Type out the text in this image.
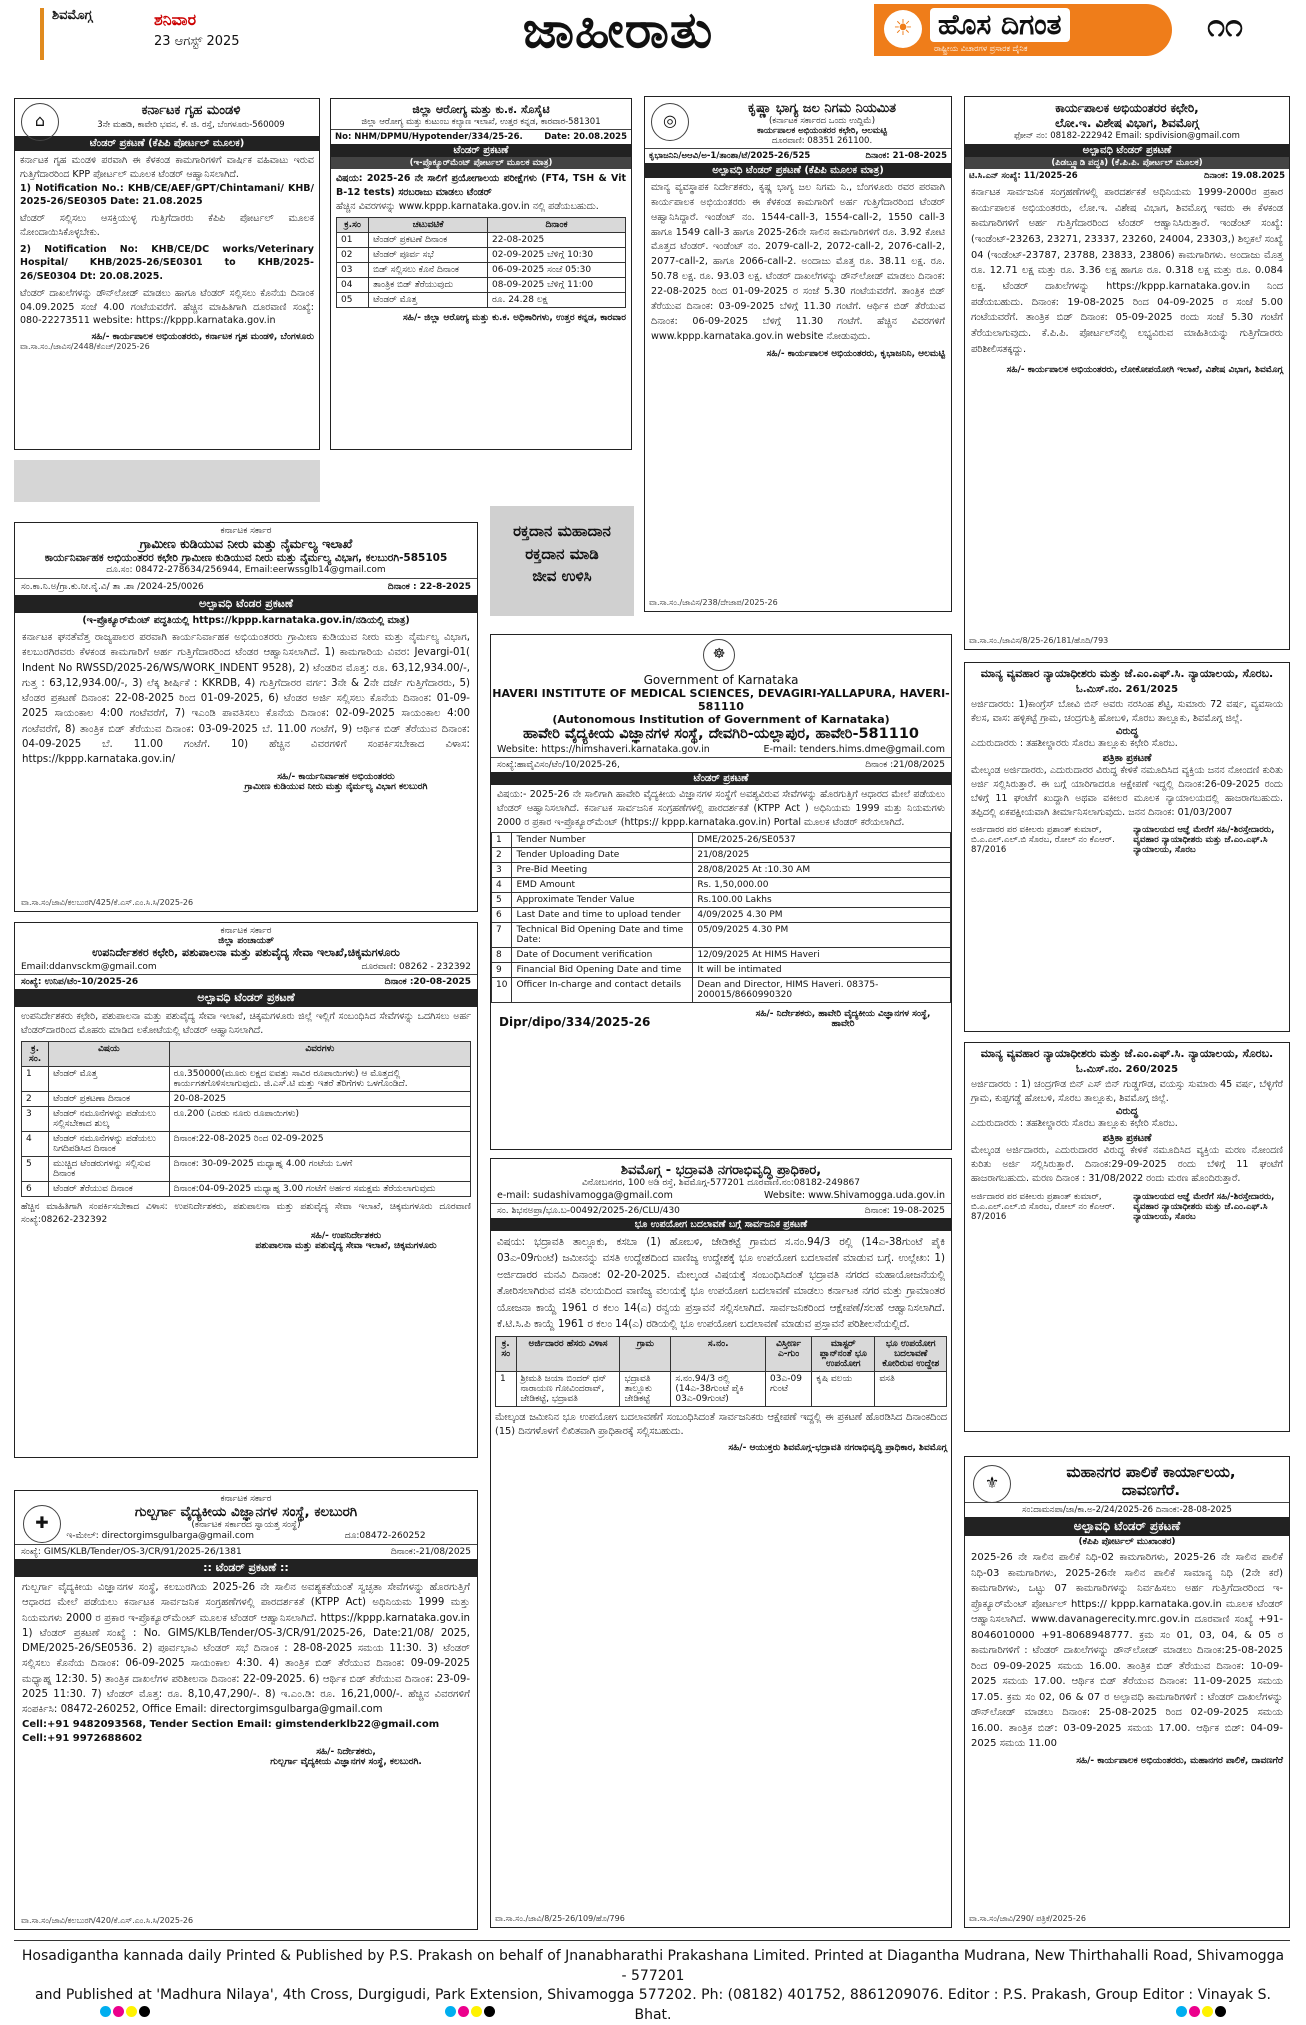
ಶಿವಮೊಗ್ಗ	ಶನಿವಾರ
23 ಆಗಸ್ಟ್ 2025	ಜಾಹೀರಾತು	☀ ಹೊಸ ದಿಗಂತ
ರಾಷ್ಟ್ರೀಯ ವಿಚಾರಗಳ ಪ್ರಸಾರಕ ದೈನಿಕ
೧೧
⌂
ಕರ್ನಾಟಕ ಗೃಹ ಮಂಡಳಿ
3ನೇ ಮಹಡಿ, ಕಾವೇರಿ ಭವನ, ಕೆ. ಜಿ. ರಸ್ತೆ, ಬೆಂಗಳೂರು-560009
ಟೆಂಡರ್ ಪ್ರಕಟಣೆ (ಕೆಪಿಪಿ ಪೋರ್ಟಲ್ ಮೂಲಕ)
ಕರ್ನಾಟಕ ಗೃಹ ಮಂಡಳಿ ಪರವಾಗಿ ಈ ಕೆಳಕಂಡ ಕಾಮಗಾರಿಗಳಿಗೆ ವಾರ್ಷಿಕ ವಹಿವಾಟು ಇರುವ ಗುತ್ತಿಗೆದಾರರಿಂದ KPP ಪೋರ್ಟಲ್ ಮೂಲಕ ಟೆಂಡರ್ ಆಹ್ವಾನಿಸಲಾಗಿದೆ.
1) Notification No.: KHB/CE/AEF/GPT/Chintamani/ KHB/ 2025-26/SE0305 Date: 21.08.2025
ಟೆಂಡರ್ ಸಲ್ಲಿಸಲು ಆಸಕ್ತಿಯುಳ್ಳ ಗುತ್ತಿಗೆದಾರರು ಕೆಪಿಪಿ ಪೋರ್ಟಲ್ ಮೂಲಕ ನೋಂದಾಯಿಸಿಕೊಳ್ಳಬೇಕು.
2) Notification No: KHB/CE/DC works/Veterinary Hospital/ KHB/2025-26/SE0301 to KHB/2025-26/SE0304 Dt: 20.08.2025.
ಟೆಂಡರ್ ದಾಖಲೆಗಳನ್ನು ಡೌನ್‌ಲೋಡ್ ಮಾಡಲು ಹಾಗೂ ಟೆಂಡರ್ ಸಲ್ಲಿಸಲು ಕೊನೆಯ ದಿನಾಂಕ 04.09.2025 ಸಂಜೆ 4.00 ಗಂಟೆಯವರೆಗೆ. ಹೆಚ್ಚಿನ ಮಾಹಿತಿಗಾಗಿ ದೂರವಾಣಿ ಸಂಖ್ಯೆ: 080-22273511 website: https://kppp.karnataka.gov.in
ಸಹಿ/- ಕಾರ್ಯಪಾಲಕ ಅಭಿಯಂತರರು, ಕರ್ನಾಟಕ ಗೃಹ ಮಂಡಳಿ, ಬೆಂಗಳೂರು
ವಾ.ಸಾ.ಸಂ./ಜಾವಿಸ/2448/ಕೆಎಚ್/2025-26
ಜಿಲ್ಲಾ ಆರೋಗ್ಯ ಮತ್ತು ಕು.ಕ. ಸೊಸೈಟಿ
ಜಿಲ್ಲಾ ಆರೋಗ್ಯ ಮತ್ತು ಕುಟುಂಬ ಕಲ್ಯಾಣ ಇಲಾಖೆ, ಉತ್ತರ ಕನ್ನಡ, ಕಾರವಾರ-581301
No: NHM/DPMU/Hypotender/334/25-26.	Date: 20.08.2025
ಟೆಂಡರ್ ಪ್ರಕಟಣೆ
(ಇ-ಪ್ರೊಕ್ಯೂರ್‌ಮೆಂಟ್ ಪೋರ್ಟಲ್ ಮೂಲಕ ಮಾತ್ರ)
ವಿಷಯ: 2025-26 ನೇ ಸಾಲಿಗೆ ಪ್ರಯೋಗಾಲಯ ಪರೀಕ್ಷೆಗಳು (FT4, TSH & Vit B-12 tests) ಸರಬರಾಜು ಮಾಡಲು ಟೆಂಡರ್
ಹೆಚ್ಚಿನ ವಿವರಗಳನ್ನು www.kppp.karnataka.gov.in ನಲ್ಲಿ ಪಡೆಯಬಹುದು.
ಕ್ರ.ಸಂ	ಚಟುವಟಿಕೆ	ದಿನಾಂಕ
01	ಟೆಂಡರ್ ಪ್ರಕಟಣೆ ದಿನಾಂಕ	22-08-2025
02	ಟೆಂಡರ್ ಪೂರ್ವ ಸಭೆ	02-09-2025 ಬೆಳಿಗ್ಗೆ 10:30
03	ಬಿಡ್ ಸಲ್ಲಿಸಲು ಕೊನೆ ದಿನಾಂಕ	06-09-2025 ಸಂಜೆ 05:30
04	ತಾಂತ್ರಿಕ ಬಿಡ್ ತೆರೆಯುವುದು	08-09-2025 ಬೆಳಿಗ್ಗೆ 11:00
05	ಟೆಂಡರ್ ಮೊತ್ತ	ರೂ. 24.28 ಲಕ್ಷ
ಸಹಿ/- ಜಿಲ್ಲಾ ಆರೋಗ್ಯ ಮತ್ತು ಕು.ಕ. ಅಧಿಕಾರಿಗಳು, ಉತ್ತರ ಕನ್ನಡ, ಕಾರವಾರ
◎
ಕೃಷ್ಣಾ ಭಾಗ್ಯ ಜಲ ನಿಗಮ ನಿಯಮಿತ
(ಕರ್ನಾಟಕ ಸರ್ಕಾರದ ಒಂದು ಉದ್ದಿಮೆ)
ಕಾರ್ಯಪಾಲಕ ಅಭಿಯಂತರರ ಕಛೇರಿ, ಆಲಮಟ್ಟಿ
ದೂರವಾಣಿ: 08351 261100.
ಕೃಭಾಜನಿನಿ/ಅಆವಿ/ಅ-1/ತಾಂಶಾ/ಟೆ/2025-26/525	ದಿನಾಂಕ: 21-08-2025
ಅಲ್ಪಾವಧಿ ಟೆಂಡರ್ ಪ್ರಕಟಣೆ (ಕೆಪಿಪಿ ಮೂಲಕ ಮಾತ್ರ)
ಮಾನ್ಯ ವ್ಯವಸ್ಥಾಪಕ ನಿರ್ದೇಶಕರು, ಕೃಷ್ಣ ಭಾಗ್ಯ ಜಲ ನಿಗಮ ನಿ., ಬೆಂಗಳೂರು ರವರ ಪರವಾಗಿ ಕಾರ್ಯಪಾಲಕ ಅಭಿಯಂತರರು ಈ ಕೆಳಕಂಡ ಕಾಮಗಾರಿಗೆ ಅರ್ಹ ಗುತ್ತಿಗೆದಾರರಿಂದ ಟೆಂಡರ್ ಆಹ್ವಾನಿಸಿದ್ದಾರೆ. ಇಂಡೆಂಟ್ ನಂ. 1544-call-3, 1554-call-2, 1550 call-3 ಹಾಗೂ 1549 call-3 ಹಾಗೂ 2025-26ನೇ ಸಾಲಿನ ಕಾಮಗಾರಿಗಳಿಗೆ ರೂ. 3.92 ಕೋಟಿ ಮೊತ್ತದ ಟೆಂಡರ್. ಇಂಡೆಂಟ್ ನಂ. 2079-call-2, 2072-call-2, 2076-call-2, 2077-call-2, ಹಾಗೂ 2066-call-2. ಅಂದಾಜು ಮೊತ್ತ ರೂ. 38.11 ಲಕ್ಷ. ರೂ. 50.78 ಲಕ್ಷ. ರೂ. 93.03 ಲಕ್ಷ. ಟೆಂಡರ್ ದಾಖಲೆಗಳನ್ನು ಡೌನ್‌ಲೋಡ್ ಮಾಡಲು ದಿನಾಂಕ: 22-08-2025 ರಿಂದ 01-09-2025 ರ ಸಂಜೆ 5.30 ಗಂಟೆಯವರೆಗೆ. ತಾಂತ್ರಿಕ ಬಿಡ್ ತೆರೆಯುವ ದಿನಾಂಕ: 03-09-2025 ಬೆಳಿಗ್ಗೆ 11.30 ಗಂಟೆಗೆ. ಆರ್ಥಿಕ ಬಿಡ್ ತೆರೆಯುವ ದಿನಾಂಕ: 06-09-2025 ಬೆಳಿಗ್ಗೆ 11.30 ಗಂಟೆಗೆ. ಹೆಚ್ಚಿನ ವಿವರಗಳಿಗೆ www.kppp.karnataka.gov.in website ನೋಡುವುದು.
ಸಹಿ/- ಕಾರ್ಯಪಾಲಕ ಅಭಿಯಂತರರು, ಕೃಭಾಜನಿನಿ, ಆಲಮಟ್ಟಿ
ವಾ.ಸಾ.ಸಂ./ಜಾವಿಸ/238/ದೇಜಾಪ/2025-26
ಕಾರ್ಯಪಾಲಕ ಅಭಿಯಂತರರ ಕಛೇರಿ,
ಲೋ.ಇ. ವಿಶೇಷ ವಿಭಾಗ, ಶಿವಮೊಗ್ಗ
ಫೋನ್ ನಂ: 08182-222942 Email: spdivision@gmail.com
ಅಲ್ಪಾವಧಿ ಟೆಂಡರ್ ಪ್ರಕಟಣೆ
(ಪಿಡಬ್ಲ್ಯೂಡಿ ಪದ್ಧತಿ) (ಕೆ.ಪಿ.ಪಿ. ಪೋರ್ಟಲ್ ಮೂಲಕ)
ಟಿ.ಸಿ.ಎನ್ ಸಂಖ್ಯೆ: 11/2025-26	ದಿನಾಂಕ: 19.08.2025
ಕರ್ನಾಟಕ ಸಾರ್ವಜನಿಕ ಸಂಗ್ರಹಣೆಗಳಲ್ಲಿ ಪಾರದರ್ಶಕತೆ ಅಧಿನಿಯಮ 1999-2000ರ ಪ್ರಕಾರ ಕಾರ್ಯಪಾಲಕ ಅಭಿಯಂತರರು, ಲೋ.ಇ. ವಿಶೇಷ ವಿಭಾಗ, ಶಿವಮೊಗ್ಗ ಇವರು ಈ ಕೆಳಕಂಡ ಕಾಮಗಾರಿಗಳಿಗೆ ಅರ್ಹ ಗುತ್ತಿಗೆದಾರರಿಂದ ಟೆಂಡರ್ ಆಹ್ವಾನಿಸಿರುತ್ತಾರೆ. ಇಂಡೆಂಟ್ ಸಂಖ್ಯೆ: (ಇಂಡೆಂಟ್-23263, 23271, 23337, 23260, 24004, 23303,) ಶಿಲ್ಪಕಲೆ ಸಂಖ್ಯೆ 04 (ಇಂಡೆಂಟ್-23787, 23788, 23833, 23806) ಕಾಮಗಾರಿಗಳು. ಅಂದಾಜು ಮೊತ್ತ ರೂ. 12.71 ಲಕ್ಷ ಮತ್ತು ರೂ. 3.36 ಲಕ್ಷ ಹಾಗೂ ರೂ. 0.318 ಲಕ್ಷ ಮತ್ತು ರೂ. 0.084 ಲಕ್ಷ. ಟೆಂಡರ್ ದಾಖಲೆಗಳನ್ನು https://kppp.karnataka.gov.in ನಿಂದ ಪಡೆಯಬಹುದು. ದಿನಾಂಕ: 19-08-2025 ರಿಂದ 04-09-2025 ರ ಸಂಜೆ 5.00 ಗಂಟೆಯವರೆಗೆ. ತಾಂತ್ರಿಕ ಬಿಡ್ ದಿನಾಂಕ: 05-09-2025 ರಂದು ಸಂಜೆ 5.30 ಗಂಟೆಗೆ ತೆರೆಯಲಾಗುವುದು. ಕೆ.ಪಿ.ಪಿ. ಪೋರ್ಟಲ್‌ನಲ್ಲಿ ಲಭ್ಯವಿರುವ ಮಾಹಿತಿಯನ್ನು ಗುತ್ತಿಗೆದಾರರು ಪರಿಶೀಲಿಸತಕ್ಕದ್ದು.
ಸಹಿ/- ಕಾರ್ಯಪಾಲಕ ಅಭಿಯಂತರರು, ಲೋಕೋಪಯೋಗಿ ಇಲಾಖೆ, ವಿಶೇಷ ವಿಭಾಗ, ಶಿವಮೊಗ್ಗ
ವಾ.ಸಾ.ಸಂ./ಜಾವಿಸ/8/25-26/181/ಹೊದಿ/793
ರಕ್ತದಾನ ಮಹಾದಾನ
ರಕ್ತದಾನ ಮಾಡಿ
ಜೀವ ಉಳಿಸಿ
ಕರ್ನಾಟಕ ಸರ್ಕಾರ
ಗ್ರಾಮೀಣ ಕುಡಿಯುವ ನೀರು ಮತ್ತು ನೈರ್ಮಲ್ಯ ಇಲಾಖೆ
ಕಾರ್ಯನಿರ್ವಾಹಕ ಅಭಿಯಂತರರ ಕಛೇರಿ ಗ್ರಾಮೀಣ ಕುಡಿಯುವ ನೀರು ಮತ್ತು ನೈರ್ಮಲ್ಯ ವಿಭಾಗ, ಕಲಬುರಗಿ-585105
ದೂ.ಸಂ: 08472-278634/256944, Email:eerwssglb14@gmail.com
ಸಂ.ಕಾ.ನಿ.ಅ/ಗ್ರಾ.ಕು.ನೀ.ನೈ.ವಿ/ ತಾ .ಶಾ /2024-25/0026	ದಿನಾಂಕ : 22-8-2025
ಅಲ್ಪಾವಧಿ ಟೆಂಡರ ಪ್ರಕಟಣೆ
(ಇ-ಪ್ರೊಕ್ಯೂರ್‌ಮೆಂಟ್ ಪದ್ಧತಿಯಲ್ಲಿ https://kppp.karnataka.gov.in/ನಡಿಯಲ್ಲಿ ಮಾತ್ರ)
ಕರ್ನಾಟಕ ಘನತೆವೆತ್ತ ರಾಜ್ಯಪಾಲರ ಪರವಾಗಿ ಕಾರ್ಯನಿರ್ವಾಹಕ ಅಭಿಯಂತರರು ಗ್ರಾಮೀಣ ಕುಡಿಯುವ ನೀರು ಮತ್ತು ನೈರ್ಮಲ್ಯ ವಿಭಾಗ, ಕಲಬುರಗಿರವರು ಕೆಳಕಂಡ ಕಾಮಗಾರಿಗೆ ಅರ್ಹ ಗುತ್ತಿಗೆದಾರರಿಂದ ಟೆಂಡರ ಆಹ್ವಾನಿಸಲಾಗಿದೆ. 1) ಕಾಮಗಾರಿಯ ವಿವರ: Jevargi-01( Indent No RWSSD/2025-26/WS/WORK_INDENT 9528), 2) ಟೆಂಡರಿನ ಮೊತ್ತ: ರೂ. 63,12,934.00/-, ಗುತ್ತ : 63,12,934.00/-, 3) ಲೆಕ್ಕ ಶೀರ್ಷಿಕೆ : KKRDB, 4) ಗುತ್ತಿಗೆದಾರರ ವರ್ಗ: 3ನೇ & 2ನೇ ದರ್ಜೆ ಗುತ್ತಿಗೆದಾರರು, 5) ಟೆಂಡರ ಪ್ರಕಟಣೆ ದಿನಾಂಕ: 22-08-2025 ರಿಂದ 01-09-2025, 6) ಟೆಂಡರ ಅರ್ಜಿ ಸಲ್ಲಿಸಲು ಕೊನೆಯ ದಿನಾಂಕ: 01-09-2025 ಸಾಯಂಕಾಲ 4:00 ಗಂಟೆವರೆಗೆ, 7) ಇಎಂಡಿ ಪಾವತಿಸಲು ಕೊನೆಯ ದಿನಾಂಕ: 02-09-2025 ಸಾಯಂಕಾಲ 4:00 ಗಂಟೆವರೆಗೆ, 8) ತಾಂತ್ರಿಕ ಬಿಡ್ ತೆರೆಯುವ ದಿನಾಂಕ: 03-09-2025 ಬೆ. 11.00 ಗಂಟೆಗೆ, 9) ಆರ್ಥಿಕ ಬಿಡ್ ತೆರೆಯುವ ದಿನಾಂಕ: 04-09-2025 ಬೆ. 11.00 ಗಂಟೆಗೆ. 10) ಹೆಚ್ಚಿನ ವಿವರಗಳಿಗೆ ಸಂಪರ್ಕಿಸಬೇಕಾದ ವಿಳಾಸ: https://kppp.karnataka.gov.in/
ಸಹಿ/- ಕಾರ್ಯನಿರ್ವಾಹಕ ಅಭಿಯಂತರರು
ಗ್ರಾಮೀಣ ಕುಡಿಯುವ ನೀರು ಮತ್ತು ನೈರ್ಮಲ್ಯ ವಿಭಾಗ ಕಲಬುರಗಿ
ವಾ.ಸಾ.ಸಂ/ಜಾವಿ/ಕಲಬುರಗಿ/425/ಕೆ.ಎಸ್.ಎಂ.ಸಿ.ಸಿ/2025-26
☸
Government of Karnataka
HAVERI INSTITUTE OF MEDICAL SCIENCES, DEVAGIRI-YALLAPURA, HAVERI-581110
(Autonomous Institution of Government of Karnataka)
ಹಾವೇರಿ ವೈದ್ಯಕೀಯ ವಿಜ್ಞಾನಗಳ ಸಂಸ್ಥೆ, ದೇವಗಿರಿ-ಯಲ್ಲಾಪುರ, ಹಾವೇರಿ-581110
Website: https://himshaveri.karnataka.gov.in	E-mail: tenders.hims.dme@gmail.com
ಸಂಖ್ಯೆ:ಹಾವೈವಿಸಂ/ಟೆಂ/10/2025-26,	ದಿನಾಂಕ :21/08/2025
ಟೆಂಡರ್ ಪ್ರಕಟಣೆ
ವಿಷಯ:- 2025-26 ನೇ ಸಾಲಿಗಾಗಿ ಹಾವೇರಿ ವೈದ್ಯಕೀಯ ವಿಜ್ಞಾನಗಳ ಸಂಸ್ಥೆಗೆ ಅವಶ್ಯವಿರುವ ಸೇವೆಗಳನ್ನು ಹೊರಗುತ್ತಿಗೆ ಆಧಾರದ ಮೇಲೆ ಪಡೆಯಲು ಟೆಂಡರ್ ಆಹ್ವಾನಿಸಲಾಗಿದೆ. ಕರ್ನಾಟಕ ಸಾರ್ವಜನಿಕ ಸಂಗ್ರಹಣೆಗಳಲ್ಲಿ ಪಾರದರ್ಶಕತೆ (KTPP Act ) ಅಧಿನಿಯಮ 1999 ಮತ್ತು ನಿಯಮಗಳು 2000 ರ ಪ್ರಕಾರ ಇ-ಪ್ರೊಕ್ಯೂರ್‌ಮೆಂಟ್ (https:// kppp.karnataka.gov.in) Portal ಮೂಲಕ ಟೆಂಡರ್ ಕರೆಯಲಾಗಿದೆ.
1	Tender Number	DME/2025-26/SE0537
2	Tender Uploading Date	21/08/2025
3	Pre-Bid Meeting	28/08/2025 At :10.30 AM
4	EMD Amount	Rs. 1,50,000.00
5	Approximate Tender Value	Rs.100.00 Lakhs
6	Last Date and time to upload tender	4/09/2025 4.30 PM
7	Technical Bid Opening Date and time Date:	05/09/2025 4.30 PM
8	Date of Document verification	12/09/2025 At HIMS Haveri
9	Financial Bid Opening Date and time	It will be intimated
10	Officer In-charge and contact details	Dean and Director, HIMS Haveri. 08375- 200015/8660990320
Dipr/dipo/334/2025-26
ಸಹಿ/- ನಿರ್ದೇಶಕರು, ಹಾವೇರಿ ವೈದ್ಯಕೀಯ ವಿಜ್ಞಾನಗಳ ಸಂಸ್ಥೆ, ಹಾವೇರಿ
ಮಾನ್ಯ ವ್ಯವಹಾರ ನ್ಯಾಯಾಧೀಶರು ಮತ್ತು ಜೆ.ಎಂ.ಎಫ್.ಸಿ. ನ್ಯಾಯಾಲಯ, ಸೊರಬ.
ಓ.ಮಿಸ್.ನಂ. 261/2025
ಅರ್ಜಿದಾರರು: 1)ಕಾಂಗ್ರೆಸ್ ಬೋವಿ ಬಿನ್ ಅವರು ನರಸಿಂಹ ಶೆಟ್ಟಿ, ಸುಮಾರು 72 ವರ್ಷ, ವ್ಯವಸಾಯ ಕೆಲಸ, ವಾಸ: ಹಳ್ಳಿಕಟ್ಟೆ ಗ್ರಾಮ, ಚಂದ್ರಗುತ್ತಿ ಹೋಬಳಿ, ಸೊರಬ ತಾಲ್ಲೂಕು, ಶಿವಮೊಗ್ಗ ಜಿಲ್ಲೆ.
ವಿರುದ್ಧ
ಎದುರುದಾರರು : ತಹಶೀಲ್ದಾರರು ಸೊರಬ ತಾಲ್ಲೂಕು ಕಛೇರಿ ಸೊರಬ.
ಪತ್ರಿಕಾ ಪ್ರಕಟಣೆ
ಮೇಲ್ಕಂಡ ಅರ್ಜಿದಾರರು, ಎದುರುದಾರರ ವಿರುದ್ಧ ಕೇಳಿಕೆ ನಮೂದಿಸಿದ ವ್ಯಕ್ತಿಯ ಜನನ ನೋಂದಣಿ ಕುರಿತು ಅರ್ಜಿ ಸಲ್ಲಿಸಿರುತ್ತಾರೆ. ಈ ಬಗ್ಗೆ ಯಾರಿಗಾದರೂ ಆಕ್ಷೇಪಣೆ ಇದ್ದಲ್ಲಿ ದಿನಾಂಕ:26-09-2025 ರಂದು ಬೆಳಿಗ್ಗೆ 11 ಘಂಟೆಗೆ ಖುದ್ದಾಗಿ ಅಥವಾ ವಕೀಲರ ಮೂಲಕ ನ್ಯಾಯಾಲಯದಲ್ಲಿ ಹಾಜರಾಗಬಹುದು. ತಪ್ಪಿದಲ್ಲಿ ಏಕಪಕ್ಷೀಯವಾಗಿ ತೀರ್ಮಾನಿಸಲಾಗುವುದು. ಜನನ ದಿನಾಂಕ: 01/03/2007
ಅರ್ಜಿದಾರರ ಪರ ವಕೀಲರು ಪ್ರಶಾಂತ್ ಕುಮಾರ್, ಬಿ.ಎ.ಎಲ್.ಎಲ್.ಬಿ ಸೊರಬ, ರೋಲ್ ನಂ ಕೆಎಆರ್. 87/2016
ನ್ಯಾಯಾಲಯದ ಆಜ್ಞೆ ಮೇರೆಗೆ ಸಹಿ/-ಶಿರಸ್ತೇದಾರರು, ವ್ಯವಹಾರ ನ್ಯಾಯಾಧೀಶರು ಮತ್ತು ಜೆ.ಎಂ.ಎಫ್.ಸಿ ನ್ಯಾಯಾಲಯ, ಸೊರಬ
ಮಾನ್ಯ ವ್ಯವಹಾರ ನ್ಯಾಯಾಧೀಶರು ಮತ್ತು ಜೆ.ಎಂ.ಎಫ್.ಸಿ. ನ್ಯಾಯಾಲಯ, ಸೊರಬ.
ಓ.ಮಿಸ್.ನಂ. 260/2025
ಅರ್ಜಿದಾರರು : 1) ಚಂದ್ರಗೌಡ ಬಿನ್ ಎಸ್ ಬಿನ್ ಗುಡ್ಡಗೌಡ, ವಯಸ್ಸು ಸುಮಾರು 45 ವರ್ಷ, ಬೆಳ್ಳಿಗೆರೆ ಗ್ರಾಮ, ಕುಪ್ಪಗಡ್ಡೆ ಹೋಬಳಿ, ಸೊರಬ ತಾಲ್ಲೂಕು, ಶಿವಮೊಗ್ಗ ಜಿಲ್ಲೆ.
ವಿರುದ್ಧ
ಎದುರುದಾರರು : ತಹಶೀಲ್ದಾರರು ಸೊರಬ ತಾಲ್ಲೂಕು ಕಛೇರಿ ಸೊರಬ.
ಪತ್ರಿಕಾ ಪ್ರಕಟಣೆ
ಮೇಲ್ಕಂಡ ಅರ್ಜಿದಾರರು, ಎದುರುದಾರರ ವಿರುದ್ಧ ಕೇಳಿಕೆ ನಮೂದಿಸಿದ ವ್ಯಕ್ತಿಯ ಮರಣ ನೋಂದಣಿ ಕುರಿತು ಅರ್ಜಿ ಸಲ್ಲಿಸಿರುತ್ತಾರೆ. ದಿನಾಂಕ:29-09-2025 ರಂದು ಬೆಳಿಗ್ಗೆ 11 ಘಂಟೆಗೆ ಹಾಜರಾಗಬಹುದು. ಮರಣ ದಿನಾಂಕ : 31/08/2022 ರಂದು ಮರಣ ಹೊಂದಿರುತ್ತಾರೆ.
ಅರ್ಜಿದಾರರ ಪರ ವಕೀಲರು ಪ್ರಶಾಂತ್ ಕುಮಾರ್, ಬಿ.ಎ.ಎಲ್.ಎಲ್.ಬಿ ಸೊರಬ, ರೋಲ್ ನಂ ಕೆಎಆರ್. 87/2016
ನ್ಯಾಯಾಲಯದ ಆಜ್ಞೆ ಮೇರೆಗೆ ಸಹಿ/-ಶಿರಸ್ತೇದಾರರು, ವ್ಯವಹಾರ ನ್ಯಾಯಾಧೀಶರು ಮತ್ತು ಜೆ.ಎಂ.ಎಫ್.ಸಿ ನ್ಯಾಯಾಲಯ, ಸೊರಬ
ಕರ್ನಾಟಕ ಸರ್ಕಾರ
ಜಿಲ್ಲಾ ಪಂಚಾಯತ್
ಉಪನಿರ್ದೇಶಕರ ಕಛೇರಿ, ಪಶುಪಾಲನಾ ಮತ್ತು ಪಶುವೈದ್ಯ ಸೇವಾ ಇಲಾಖೆ,ಚಿಕ್ಕಮಗಳೂರು
Email:ddanvsckm@gmail.com	ದೂರವಾಣಿ: 08262 - 232392
ಸಂಖ್ಯೆ: ಉನಿಪ/ಟೆಂ-10/2025-26	ದಿನಾಂಕ :20-08-2025
ಅಲ್ಪಾವಧಿ ಟೆಂಡರ್ ಪ್ರಕಟಣೆ
ಉಪನಿರ್ದೇಶಕರು ಕಛೇರಿ, ಪಶುಪಾಲನಾ ಮತ್ತು ಪಶುವೈದ್ಯ ಸೇವಾ ಇಲಾಖೆ, ಚಿಕ್ಕಮಗಳೂರು ಜಿಲ್ಲೆ ಇಲ್ಲಿಗೆ ಸಂಬಂಧಿಸಿದ ಸೇವೆಗಳನ್ನು ಒದಗಿಸಲು ಅರ್ಹ ಟೆಂಡರ್‌ದಾರರಿಂದ ಮೊಹರು ಮಾಡಿದ ಲಕೋಟೆಯಲ್ಲಿ ಟೆಂಡರ್ ಆಹ್ವಾನಿಸಲಾಗಿದೆ.
ಕ್ರ. ಸಂ.	ವಿಷಯ	ವಿವರಗಳು
1	ಟೆಂಡರ್ ಮೊತ್ತ	ರೂ.350000(ಮೂರು ಲಕ್ಷದ ಐವತ್ತು ಸಾವಿರ ರೂಪಾಯಿಗಳು) ಆ ಮೊತ್ತದಲ್ಲಿ ಕಾರ್ಯಗತಗೊಳಿಸಲಾಗುವುದು. ಜಿ.ಎಸ್.ಟಿ ಮತ್ತು ಇತರೆ ತೆರಿಗೆಗಳು ಒಳಗೊಂಡಿದೆ.
2	ಟೆಂಡರ್ ಪ್ರಕಟಣಾ ದಿನಾಂಕ	20-08-2025
3	ಟೆಂಡರ್ ನಮೂನೆಗಳನ್ನು ಪಡೆಯಲು ಸಲ್ಲಿಸಬೇಕಾದ ಶುಲ್ಕ	ರೂ.200 (ಎರಡು ನೂರು ರೂಪಾಯಿಗಳು)
4	ಟೆಂಡರ್ ನಮೂನೆಗಳನ್ನು ಪಡೆಯಲು ನಿಗದಿಪಡಿಸಿದ ದಿನಾಂಕ	ದಿನಾಂಕ:22-08-2025 ರಿಂದ 02-09-2025
5	ಮುಚ್ಚಿದ ಟೆಂಡರುಗಳನ್ನು ಸಲ್ಲಿಸುವ ದಿನಾಂಕ	ದಿನಾಂಕ: 30-09-2025 ಮಧ್ಯಾಹ್ನ 4.00 ಗಂಟೆಯ ಒಳಗೆ
6	ಟೆಂಡರ್ ತೆರೆಯುವ ದಿನಾಂಕ	ದಿನಾಂಕ:04-09-2025 ಮಧ್ಯಾಹ್ನ 3.00 ಗಂಟೆಗೆ ಅರ್ಹರ ಸಮಕ್ಷಮ ತೆರೆಯಲಾಗುವುದು
ಹೆಚ್ಚಿನ ಮಾಹಿತಿಗಾಗಿ ಸಂಪರ್ಕಿಸಬೇಕಾದ ವಿಳಾಸ: ಉಪನಿರ್ದೇಶಕರು, ಪಶುಪಾಲನಾ ಮತ್ತು ಪಶುವೈದ್ಯ ಸೇವಾ ಇಲಾಖೆ, ಚಿಕ್ಕಮಗಳೂರು ದೂರವಾಣಿ ಸಂಖ್ಯೆ:08262-232392
ಸಹಿ/- ಉಪನಿರ್ದೇಶಕರು
ಪಶುಪಾಲನಾ ಮತ್ತು ಪಶುವೈದ್ಯ ಸೇವಾ ಇಲಾಖೆ, ಚಿಕ್ಕಮಗಳೂರು
ಶಿವಮೊಗ್ಗ - ಭದ್ರಾವತಿ ನಗರಾಭಿವೃದ್ಧಿ ಪ್ರಾಧಿಕಾರ,
ವಿನೋಬನಗರ, 100 ಅಡಿ ರಸ್ತೆ, ಶಿವಮೊಗ್ಗ-577201 ದೂರವಾಣಿ.ನಂ:08182-249867
e-mail: sudashivamogga@gmail.com	Website: www.Shivamogga.uda.gov.in
ಸಂ. ಶಿಭನಅಪ್ರಾ/ಭೂ.ಬ-00492/2025-26/CLU/430	ದಿನಾಂಕ: 19-08-2025
ಭೂ ಉಪಯೋಗ ಬದಲಾವಣೆ ಬಗ್ಗೆ ಸಾರ್ವಜನಿಕ ಪ್ರಕಟಣೆ
ವಿಷಯ: ಭದ್ರಾವತಿ ತಾಲ್ಲೂಕು, ಕಸಬಾ (1) ಹೋಬಳಿ, ಜೇಡಿಕಟ್ಟೆ ಗ್ರಾಮದ ಸ.ನಂ.94/3 ರಲ್ಲಿ (14ಎ-38ಗುಂಟೆ ಪೈಕಿ 03ಎ-09ಗುಂಟೆ) ಜಮೀನನ್ನು ವಸತಿ ಉದ್ದೇಶದಿಂದ ವಾಣಿಜ್ಯ ಉದ್ದೇಶಕ್ಕೆ ಭೂ ಉಪಯೋಗ ಬದಲಾವಣೆ ಮಾಡುವ ಬಗ್ಗೆ. ಉಲ್ಲೇಖ: 1) ಅರ್ಜಿದಾರರ ಮನವಿ ದಿನಾಂಕ: 02-20-2025. ಮೇಲ್ಕಂಡ ವಿಷಯಕ್ಕೆ ಸಂಬಂಧಿಸಿದಂತೆ ಭದ್ರಾವತಿ ನಗರದ ಮಹಾಯೋಜನೆಯಲ್ಲಿ ತೋರಿಸಲಾಗಿರುವ ವಸತಿ ವಲಯದಿಂದ ವಾಣಿಜ್ಯ ವಲಯಕ್ಕೆ ಭೂ ಉಪಯೋಗ ಬದಲಾವಣೆ ಮಾಡಲು ಕರ್ನಾಟಕ ನಗರ ಮತ್ತು ಗ್ರಾಮಾಂತರ ಯೋಜನಾ ಕಾಯ್ದೆ 1961 ರ ಕಲಂ 14(ಎ) ರನ್ವಯ ಪ್ರಸ್ತಾವನೆ ಸಲ್ಲಿಸಲಾಗಿದೆ. ಸಾರ್ವಜನಿಕರಿಂದ ಆಕ್ಷೇಪಣೆ/ಸಲಹೆ ಆಹ್ವಾನಿಸಲಾಗಿದೆ. ಕೆ.ಟಿ.ಸಿ.ಪಿ ಕಾಯ್ದೆ 1961 ರ ಕಲಂ 14(ಎ) ರಡಿಯಲ್ಲಿ ಭೂ ಉಪಯೋಗ ಬದಲಾವಣೆ ಮಾಡುವ ಪ್ರಸ್ತಾವನೆ ಪರಿಶೀಲನೆಯಲ್ಲಿದೆ.
ಕ್ರ. ಸಂ	ಅರ್ಜಿದಾರರ ಹೆಸರು ವಿಳಾಸ	ಗ್ರಾಮ	ಸ.ನಂ.	ವಿಸ್ತೀರ್ಣ ಎ-ಗುಂ	ಮಾಸ್ಟರ್ ಪ್ಲಾನ್‌ನಂತೆ ಭೂ ಉಪಯೋಗ	ಭೂ ಉಪಯೋಗ ಬದಲಾವಣೆ ಕೋರಿರುವ ಉದ್ದೇಶ
1	ಶ್ರೀಮತಿ ಜಯಾ ಬಿಂದರ್ ಧನ್ ನಾರಾಯಣ ಗೋವಿಂದರಾವ್, ಜೇಡಿಕಟ್ಟೆ, ಭದ್ರಾವತಿ	ಭದ್ರಾವತಿ ತಾಲ್ಲೂಕು ಜೇಡಿಕಟ್ಟೆ	ಸ.ನಂ.94/3 ರಲ್ಲಿ (14ಎ-38ಗುಂಟೆ ಪೈಕಿ 03ಎ-09ಗುಂಟೆ)	03ಎ-09 ಗುಂಟೆ	ಕೃಷಿ ವಲಯ	ವಸತಿ
ಮೇಲ್ಕಂಡ ಜಮೀನಿನ ಭೂ ಉಪಯೋಗ ಬದಲಾವಣೆಗೆ ಸಂಬಂಧಿಸಿದಂತೆ ಸಾರ್ವಜನಿಕರು ಆಕ್ಷೇಪಣೆ ಇದ್ದಲ್ಲಿ ಈ ಪ್ರಕಟಣೆ ಹೊರಡಿಸಿದ ದಿನಾಂಕದಿಂದ (15) ದಿನಗಳೊಳಗೆ ಲಿಖಿತವಾಗಿ ಪ್ರಾಧಿಕಾರಕ್ಕೆ ಸಲ್ಲಿಸಬಹುದು.
ಸಹಿ/- ಆಯುಕ್ತರು ಶಿವಮೊಗ್ಗ-ಭದ್ರಾವತಿ ನಗರಾಭಿವೃದ್ಧಿ ಪ್ರಾಧಿಕಾರ, ಶಿವಮೊಗ್ಗ
ವಾ.ಸಾ.ಸಂ./ಜಾವಿ/8/25-26/109/ಹೊ/796
✚
ಕರ್ನಾಟಕ ಸರ್ಕಾರ
ಗುಲ್ಬರ್ಗಾ ವೈದ್ಯಕೀಯ ವಿಜ್ಞಾನಗಳ ಸಂಸ್ಥೆ, ಕಲಬುರಗಿ
(ಕರ್ನಾಟಕ ಸರ್ಕಾರದ ಸ್ವಾಯತ್ತ ಸಂಸ್ಥೆ)
ಇ-ಮೇಲ್: directorgimsgulbarga@gmail.com	ದೂ:08472-260252
ಸಂಖ್ಯೆ: GIMS/KLB/Tender/OS-3/CR/91/2025-26/1381	ದಿನಾಂಕ:-21/08/2025
:: ಟೆಂಡರ್ ಪ್ರಕಟಣೆ ::
ಗುಲ್ಬರ್ಗಾ ವೈದ್ಯಕೀಯ ವಿಜ್ಞಾನಗಳ ಸಂಸ್ಥೆ, ಕಲಬುರಗಿಯ 2025-26 ನೇ ಸಾಲಿನ ಅವಶ್ಯಕತೆಯಂತೆ ಸ್ವಚ್ಛತಾ ಸೇವೆಗಳನ್ನು ಹೊರಗುತ್ತಿಗೆ ಆಧಾರದ ಮೇಲೆ ಪಡೆಯಲು ಕರ್ನಾಟಕ ಸಾರ್ವಜನಿಕ ಸಂಗ್ರಹಣೆಗಳಲ್ಲಿ ಪಾರದರ್ಶಕತೆ (KTPP Act) ಅಧಿನಿಯಮ 1999 ಮತ್ತು ನಿಯಮಗಳು 2000 ರ ಪ್ರಕಾರ ಇ-ಪ್ರೊಕ್ಯೂರ್‌ಮೆಂಟ್ ಮೂಲಕ ಟೆಂಡರ್ ಆಹ್ವಾನಿಸಲಾಗಿದೆ. https://kppp.karnataka.gov.in 1) ಟೆಂಡರ್ ಪ್ರಕಟಣೆ ಸಂಖ್ಯೆ : No. GIMS/KLB/Tender/OS-3/CR/91/2025-26, Date:21/08/ 2025, DME/2025-26/SE0536. 2) ಪೂರ್ವಭಾವಿ ಟೆಂಡರ್ ಸಭೆ ದಿನಾಂಕ : 28-08-2025 ಸಮಯ 11:30. 3) ಟೆಂಡರ್ ಸಲ್ಲಿಸಲು ಕೊನೆಯ ದಿನಾಂಕ: 06-09-2025 ಸಾಯಂಕಾಲ 4:30. 4) ತಾಂತ್ರಿಕ ಬಿಡ್ ತೆರೆಯುವ ದಿನಾಂಕ: 09-09-2025 ಮಧ್ಯಾಹ್ನ 12:30. 5) ತಾಂತ್ರಿಕ ದಾಖಲೆಗಳ ಪರಿಶೀಲನಾ ದಿನಾಂಕ: 22-09-2025. 6) ಆರ್ಥಿಕ ಬಿಡ್ ತೆರೆಯುವ ದಿನಾಂಕ: 23-09-2025 11:30. 7) ಟೆಂಡರ್ ಮೊತ್ತ: ರೂ. 8,10,47,290/-. 8) ಇ.ಎಂ.ಡಿ: ರೂ. 16,21,000/-. ಹೆಚ್ಚಿನ ವಿವರಗಳಿಗೆ ಸಂಪರ್ಕಿಸಿ: 08472-260252, Office Email: directorgimsgulbarga@gmail.com
Cell:+91 9482093568, Tender Section Email: gimstenderklb22@gmail.com
Cell:+91 9972688602
ಸಹಿ/- ನಿರ್ದೇಶಕರು,
ಗುಲ್ಬರ್ಗಾ ವೈದ್ಯಕೀಯ ವಿಜ್ಞಾನಗಳ ಸಂಸ್ಥೆ, ಕಲಬುರಗಿ.
ವಾ.ಸಾ.ಸಂ/ಜಾವಿ/ಕಲಬುರಗಿ/420/ಕೆ.ಎಸ್.ಎಂ.ಸಿ.ಸಿ/2025-26
⚜
ಮಹಾನಗರ ಪಾಲಿಕೆ ಕಾರ್ಯಾಲಯ,
ದಾವಣಗೆರೆ.
ಸಂ:ದಾಮನಪಾ/ಜಾ/ಕಾ.ಅ-2/24/2025-26 ದಿನಾಂಕ:-28-08-2025
ಅಲ್ಪಾವಧಿ ಟೆಂಡರ್ ಪ್ರಕಟಣೆ
(ಕೆಪಿಪಿ ಪೋರ್ಟಲ್ ಮುಖಾಂತರ)
2025-26 ನೇ ಸಾಲಿನ ಪಾಲಿಕೆ ನಿಧಿ-02 ಕಾಮಗಾರಿಗಳು, 2025-26 ನೇ ಸಾಲಿನ ಪಾಲಿಕೆ ನಿಧಿ-03 ಕಾಮಗಾರಿಗಳು, 2025-26ನೇ ಸಾಲಿನ ಪಾಲಿಕೆ ಸಾಮಾನ್ಯ ನಿಧಿ (2ನೇ ಕರೆ) ಕಾಮಗಾರಿಗಳು, ಒಟ್ಟು 07 ಕಾಮಗಾರಿಗಳನ್ನು ನಿರ್ವಹಿಸಲು ಅರ್ಹ ಗುತ್ತಿಗೆದಾರರಿಂದ ಇ-ಪ್ರೊಕ್ಯೂರ್‌ಮೆಂಟ್ ಪೋರ್ಟಲ್ https:// kppp.karnataka.gov.in ಮೂಲಕ ಟೆಂಡರ್ ಆಹ್ವಾನಿಸಲಾಗಿದೆ. www.davanagerecity.mrc.gov.in ದೂರವಾಣಿ ಸಂಖ್ಯೆ +91-8046010000 +91-8068948777. ಕ್ರಮ ಸಂ 01, 03, 04, & 05 ರ ಕಾಮಗಾರಿಗಳಿಗೆ : ಟೆಂಡರ್ ದಾಖಲೆಗಳನ್ನು ಡೌನ್‌ಲೋಡ್ ಮಾಡಲು ದಿನಾಂಕ:25-08-2025 ರಿಂದ 09-09-2025 ಸಮಯ 16.00. ತಾಂತ್ರಿಕ ಬಿಡ್ ತೆರೆಯುವ ದಿನಾಂಕ: 10-09-2025 ಸಮಯ 17.00. ಆರ್ಥಿಕ ಬಿಡ್ ತೆರೆಯುವ ದಿನಾಂಕ: 11-09-2025 ಸಮಯ 17.05. ಕ್ರಮ ಸಂ 02, 06 & 07 ರ ಅಲ್ಪಾವಧಿ ಕಾಮಗಾರಿಗಳಿಗೆ : ಟೆಂಡರ್ ದಾಖಲೆಗಳನ್ನು ಡೌನ್‌ಲೋಡ್ ಮಾಡಲು ದಿನಾಂಕ: 25-08-2025 ರಿಂದ 02-09-2025 ಸಮಯ 16.00. ತಾಂತ್ರಿಕ ಬಿಡ್: 03-09-2025 ಸಮಯ 17.00. ಆರ್ಥಿಕ ಬಿಡ್: 04-09-2025 ಸಮಯ 11.00
ಸಹಿ/- ಕಾರ್ಯಪಾಲಕ ಅಭಿಯಂತರರು, ಮಹಾನಗರ ಪಾಲಿಕೆ, ದಾವಣಗೆರೆ
ವಾ.ಸಾ.ಸಂ/ಜಾವಿ/290/ ಪತ್ರಿಕೆ/2025-26
Hosadigantha kannada daily Printed & Published by P.S. Prakash on behalf of Jnanabharathi Prakashana Limited. Printed at Diagantha Mudrana, New Thirthahalli Road, Shivamogga - 577201
and Published at 'Madhura Nilaya', 4th Cross, Durgigudi, Park Extension, Shivamogga 577202. Ph: (08182) 401752, 8861209076. Editor : P.S. Prakash, Group Editor : Vinayak S. Bhat.
